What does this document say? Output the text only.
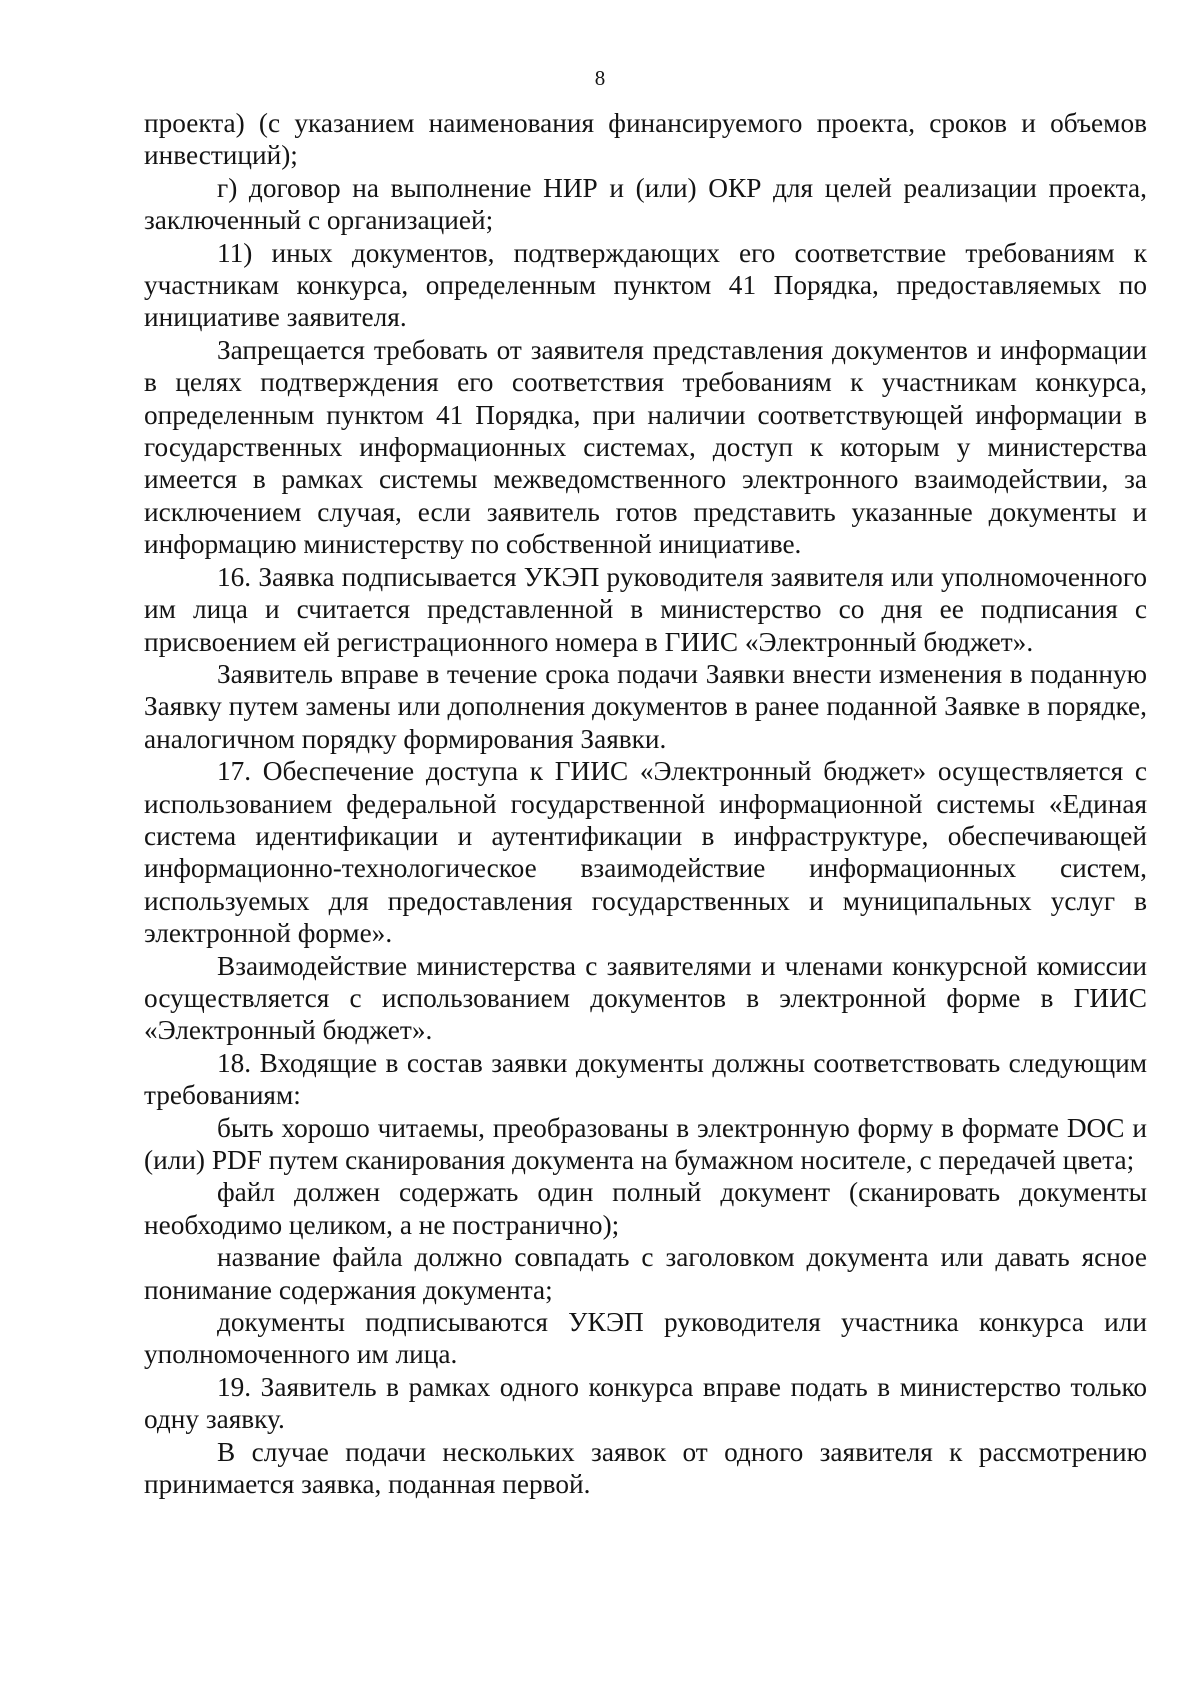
8

проекта) (с указанием наименования финансируемого проекта, сроков и объемов инвестиций);

г) договор на выполнение НИР и (или) ОКР для целей реализации проекта, заключенный с организацией;

11) иных документов, подтверждающих его соответствие требованиям к участникам конкурса, определенным пунктом 41 Порядка, предоставляемых по инициативе заявителя.

Запрещается требовать от заявителя представления документов и информации в целях подтверждения его соответствия требованиям к участникам конкурса, определенным пунктом 41 Порядка, при наличии соответствующей информации в государственных информационных системах, доступ к которым у министерства имеется в рамках системы межведомственного электронного взаимодействии, за исключением случая, если заявитель готов представить указанные документы и информацию министерству по собственной инициативе.

16. Заявка подписывается УКЭП руководителя заявителя или уполномоченного им лица и считается представленной в министерство со дня ее подписания с присвоением ей регистрационного номера в ГИИС «Электронный бюджет».

Заявитель вправе в течение срока подачи Заявки внести изменения в поданную Заявку путем замены или дополнения документов в ранее поданной Заявке в порядке, аналогичном порядку формирования Заявки.

17. Обеспечение доступа к ГИИС «Электронный бюджет» осуществляется с использованием федеральной государственной информационной системы «Единая система идентификации и аутентификации в инфраструктуре, обеспечивающей информационно-технологическое взаимодействие информационных систем, используемых для предоставления государственных и муниципальных услуг в электронной форме».

Взаимодействие министерства с заявителями и членами конкурсной комиссии осуществляется с использованием документов в электронной форме в ГИИС «Электронный бюджет».

18. Входящие в состав заявки документы должны соответствовать следующим требованиям:

быть хорошо читаемы, преобразованы в электронную форму в формате DOC и (или) PDF путем сканирования документа на бумажном носителе, с передачей цвета;

файл должен содержать один полный документ (сканировать документы необходимо целиком, а не постранично);

название файла должно совпадать с заголовком документа или давать ясное понимание содержания документа;

документы подписываются УКЭП руководителя участника конкурса или уполномоченного им лица.

19. Заявитель в рамках одного конкурса вправе подать в министерство только одну заявку.

В случае подачи нескольких заявок от одного заявителя к рассмотрению принимается заявка, поданная первой.
